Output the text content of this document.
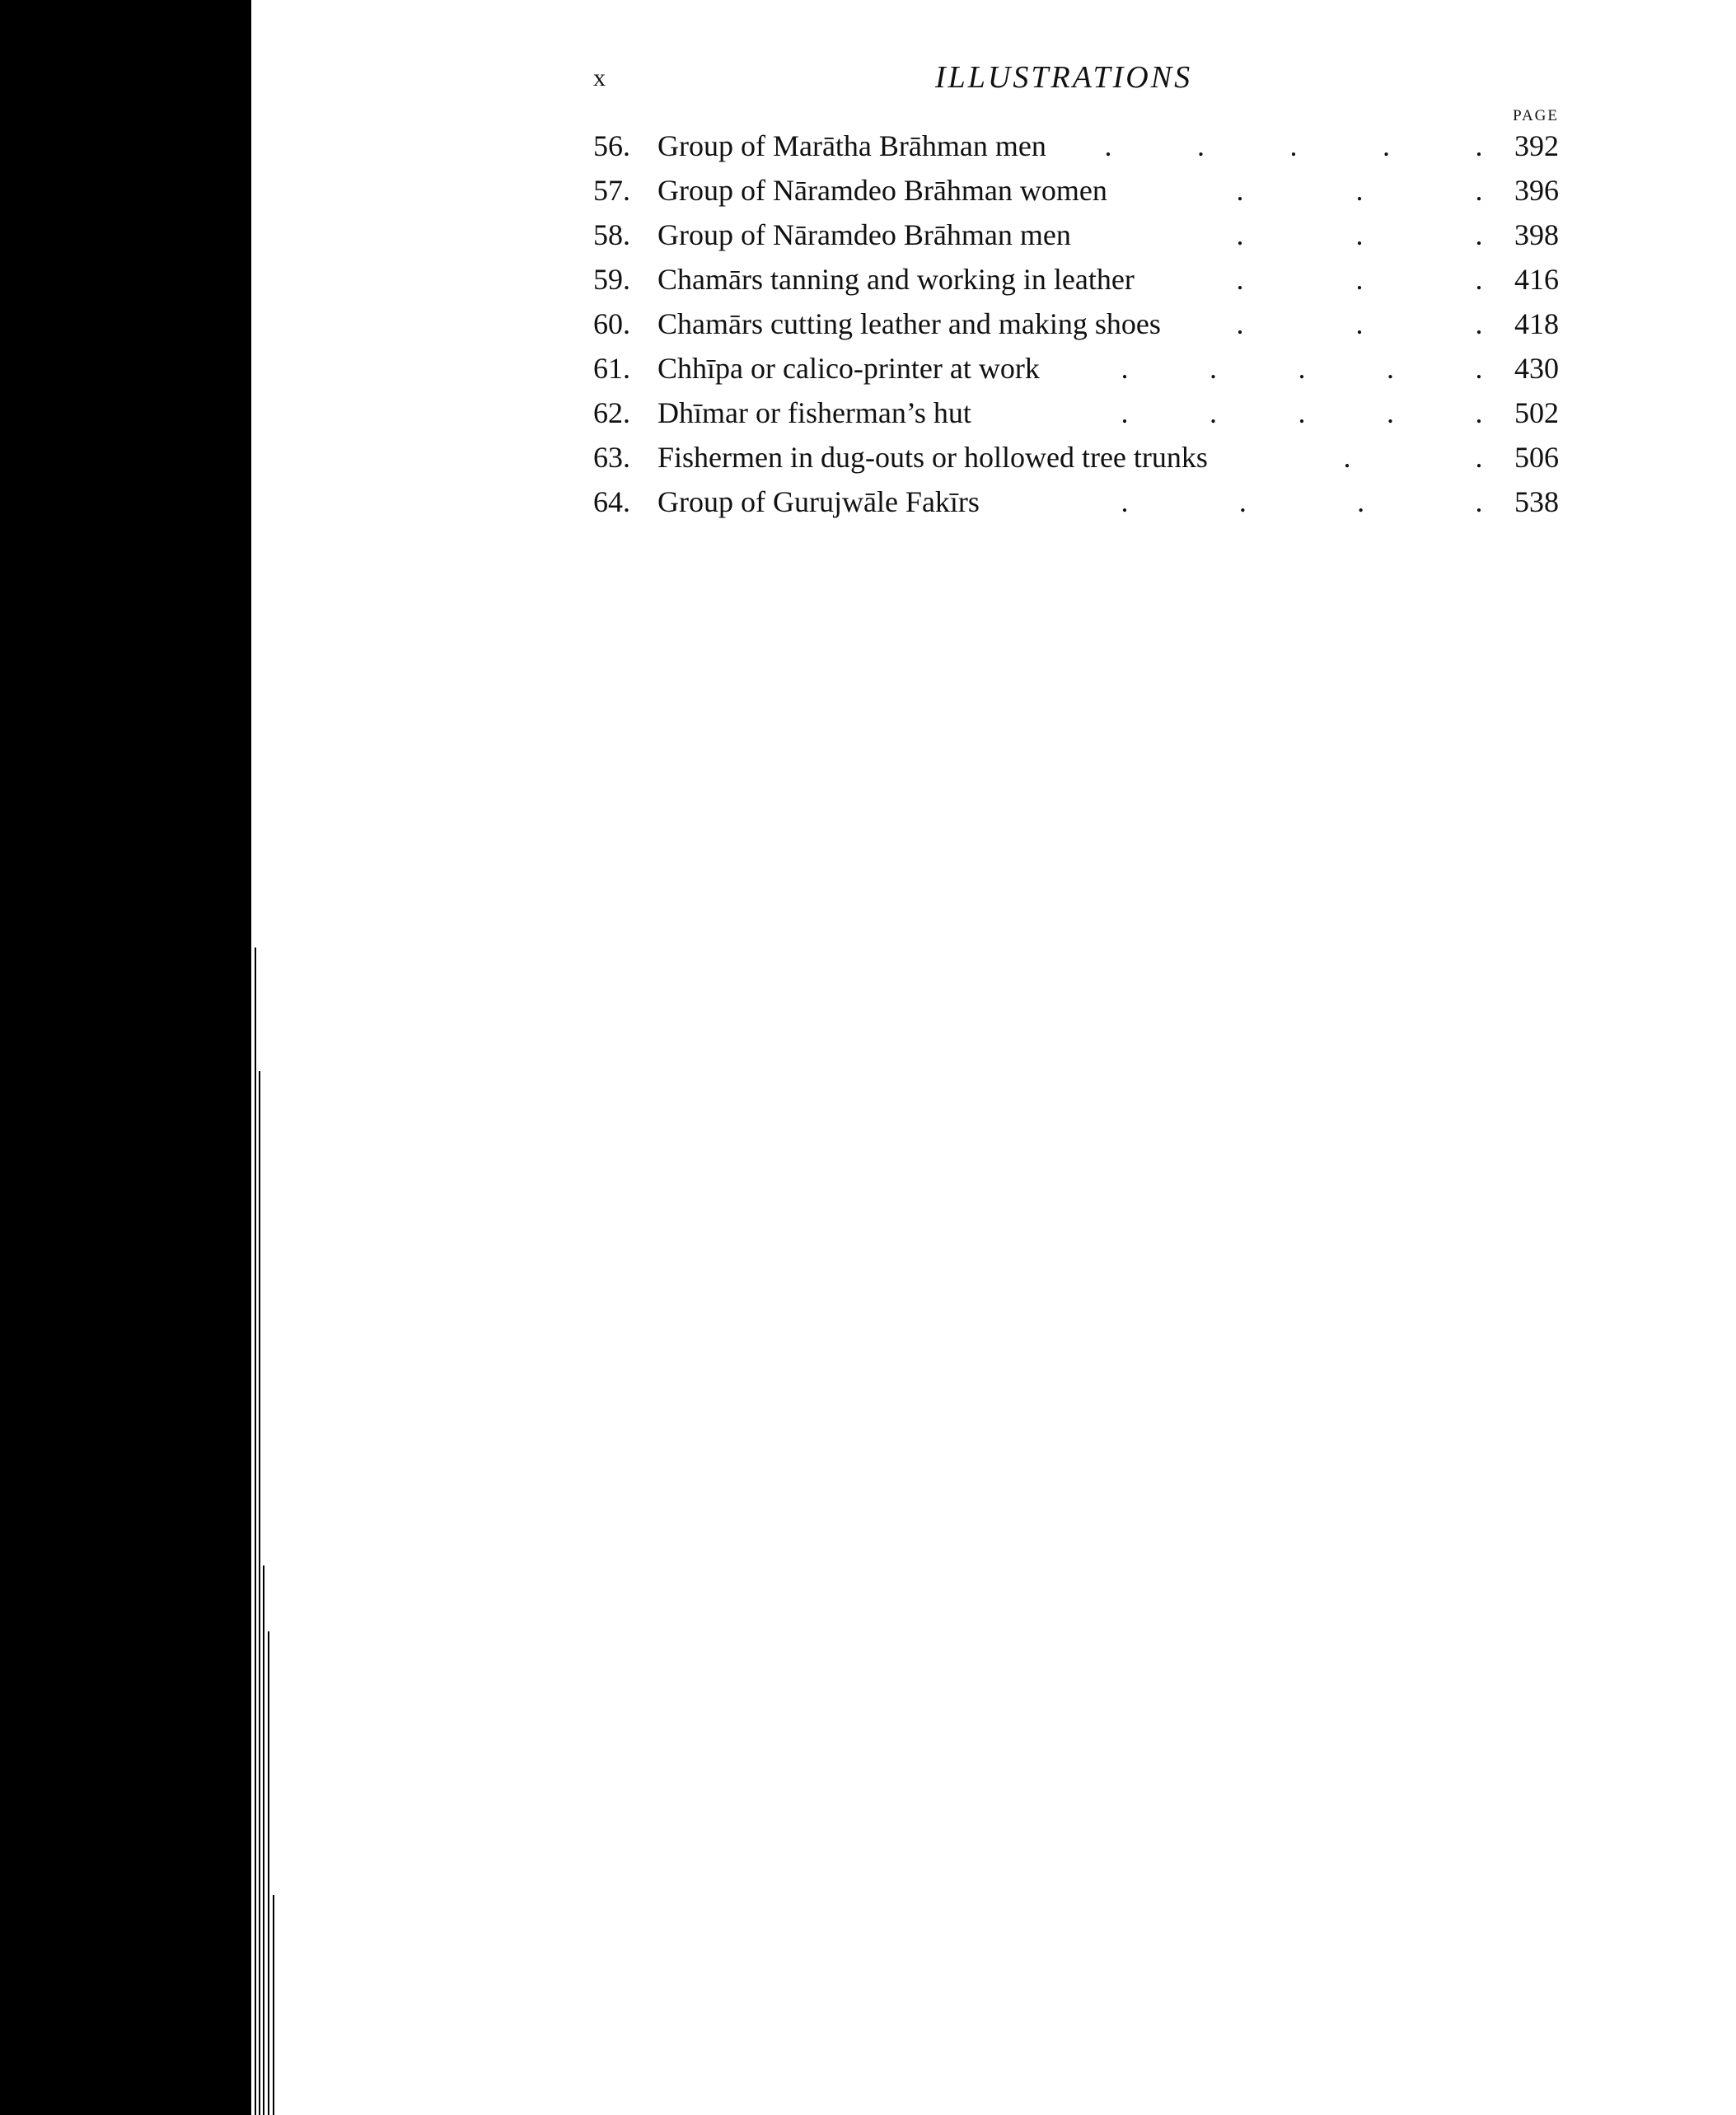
x	ILLUSTRATIONS
PAGE
56. Group of Marātha Brāhman men .	.	.	.	. 392
57. Group of Nāramdeo Brāhman women	.	.	. 396
58. Group of Nāramdeo Brāhman men	.	.	. 398
59. Chamārs tanning and working in leather	.	.	. 416
60. Chamārs cutting leather and making shoes	.	.	. 418
61. Chhīpa or calico-printer at work	.	.	.	.	. 430
62. Dhīmar or fisherman’s hut	.	.	.	.	. 502
63. Fishermen in dug-outs or hollowed tree trunks	.	. 506
64. Group of Gurujwāle Fakīrs	.	.	.	. 538
